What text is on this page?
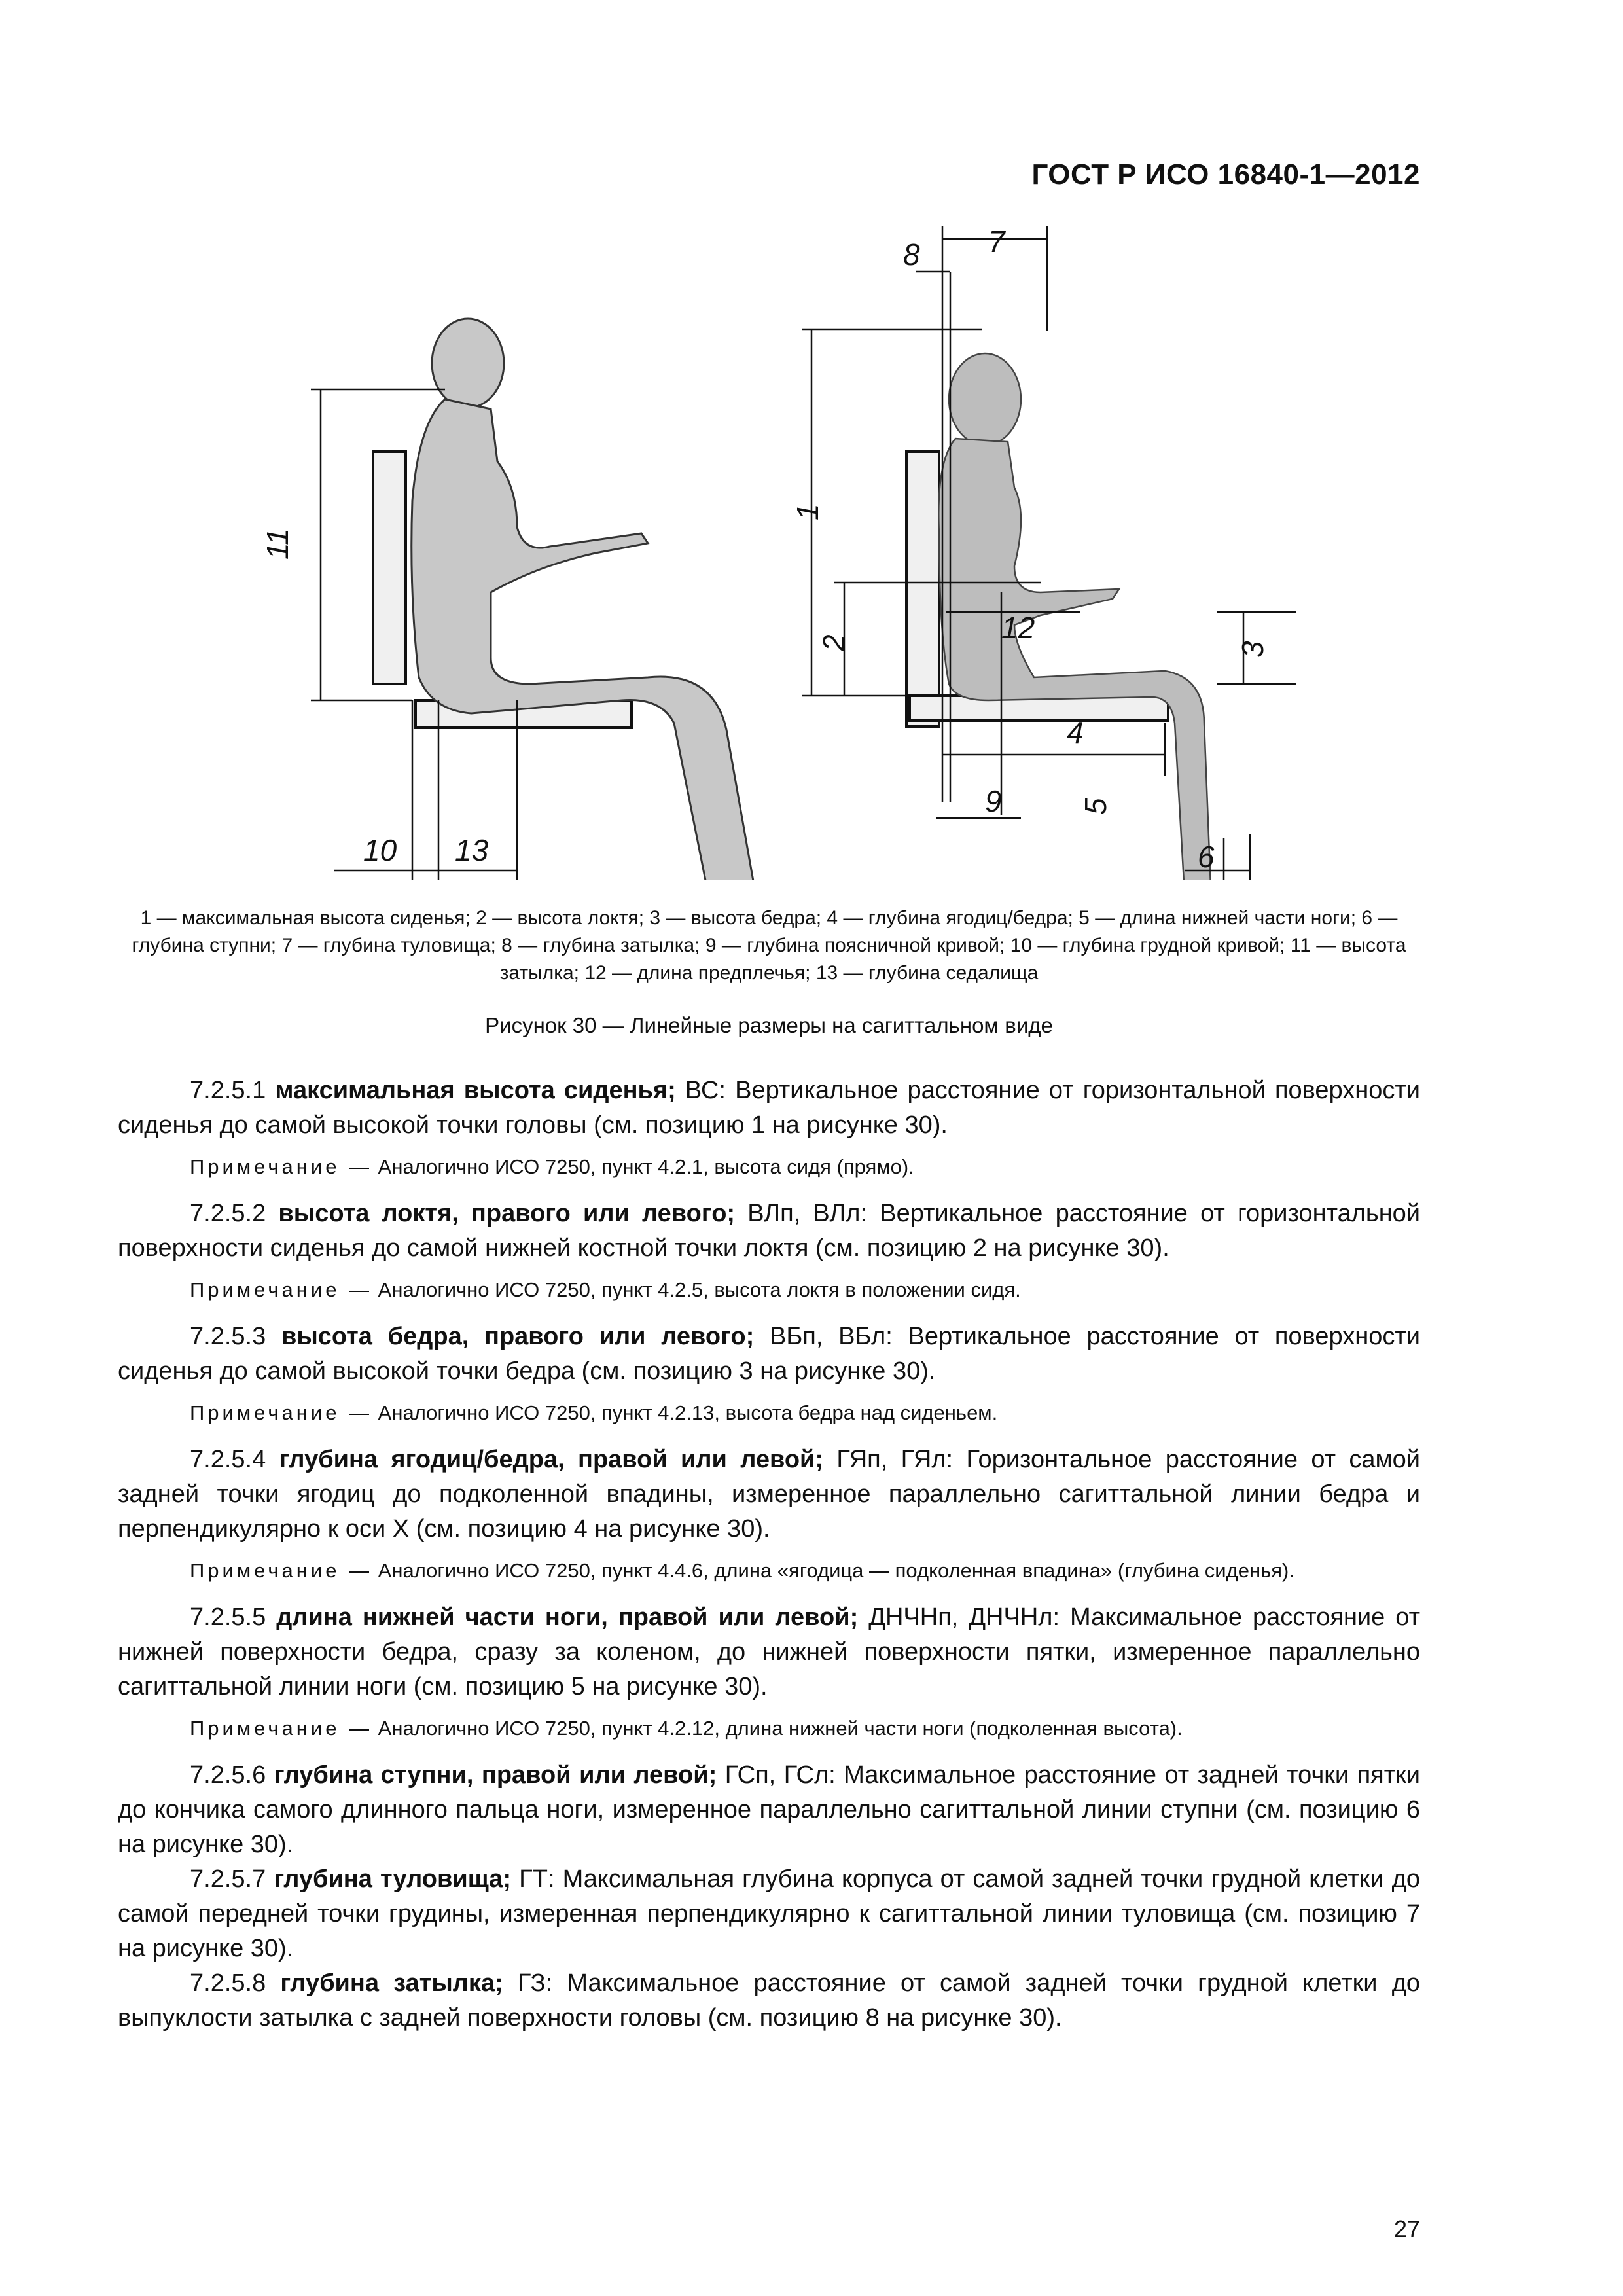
ГОСТ Р ИСО 16840-1—2012
11
10 13
1
2	3
4
5
6
7
8
9
12
1 — максимальная высота сиденья; 2 — высота локтя; 3 — высота бедра; 4 — глубина ягодиц/бедра; 5 — длина нижней части ноги; 6 — глубина ступни; 7 — глубина туловища; 8 — глубина затылка; 9 — глубина поясничной кривой; 10 — глубина грудной кривой; 11 — высота затылка; 12 — длина предплечья; 13 — глубина седалища
Рисунок 30 — Линейные размеры на сагиттальном виде

7.2.5.1 максимальная высота сиденья; ВС: Вертикальное расстояние от горизонтальной поверхности сиденья до самой высокой точки головы (см. позицию 1 на рисунке 30).

Примечание — Аналогично ИСО 7250, пункт 4.2.1, высота сидя (прямо).

7.2.5.2 высота локтя, правого или левого; ВЛп, ВЛл: Вертикальное расстояние от горизонтальной поверхности сиденья до самой нижней костной точки локтя (см. позицию 2 на рисунке 30).

Примечание — Аналогично ИСО 7250, пункт 4.2.5, высота локтя в положении сидя.

7.2.5.3 высота бедра, правого или левого; ВБп, ВБл: Вертикальное расстояние от поверхности сиденья до самой высокой точки бедра (см. позицию 3 на рисунке 30).

Примечание — Аналогично ИСО 7250, пункт 4.2.13, высота бедра над сиденьем.

7.2.5.4 глубина ягодиц/бедра, правой или левой; ГЯп, ГЯл: Горизонтальное расстояние от самой задней точки ягодиц до подколенной впадины, измеренное параллельно сагиттальной линии бедра и перпендикулярно к оси X (см. позицию 4 на рисунке 30).

Примечание — Аналогично ИСО 7250, пункт 4.4.6, длина «ягодица — подколенная впадина» (глубина сиденья).

7.2.5.5 длина нижней части ноги, правой или левой; ДНЧНп, ДНЧНл: Максимальное расстояние от нижней поверхности бедра, сразу за коленом, до нижней поверхности пятки, измеренное параллельно сагиттальной линии ноги (см. позицию 5 на рисунке 30).

Примечание — Аналогично ИСО 7250, пункт 4.2.12, длина нижней части ноги (подколенная высота).

7.2.5.6 глубина ступни, правой или левой; ГСп, ГСл: Максимальное расстояние от задней точки пятки до кончика самого длинного пальца ноги, измеренное параллельно сагиттальной линии ступни (см. позицию 6 на рисунке 30).

7.2.5.7 глубина туловища; ГТ: Максимальная глубина корпуса от самой задней точки грудной клетки до самой передней точки грудины, измеренная перпендикулярно к сагиттальной линии туловища (см. позицию 7 на рисунке 30).

7.2.5.8 глубина затылка; ГЗ: Максимальное расстояние от самой задней точки грудной клетки до выпуклости затылка с задней поверхности головы (см. позицию 8 на рисунке 30).

27
